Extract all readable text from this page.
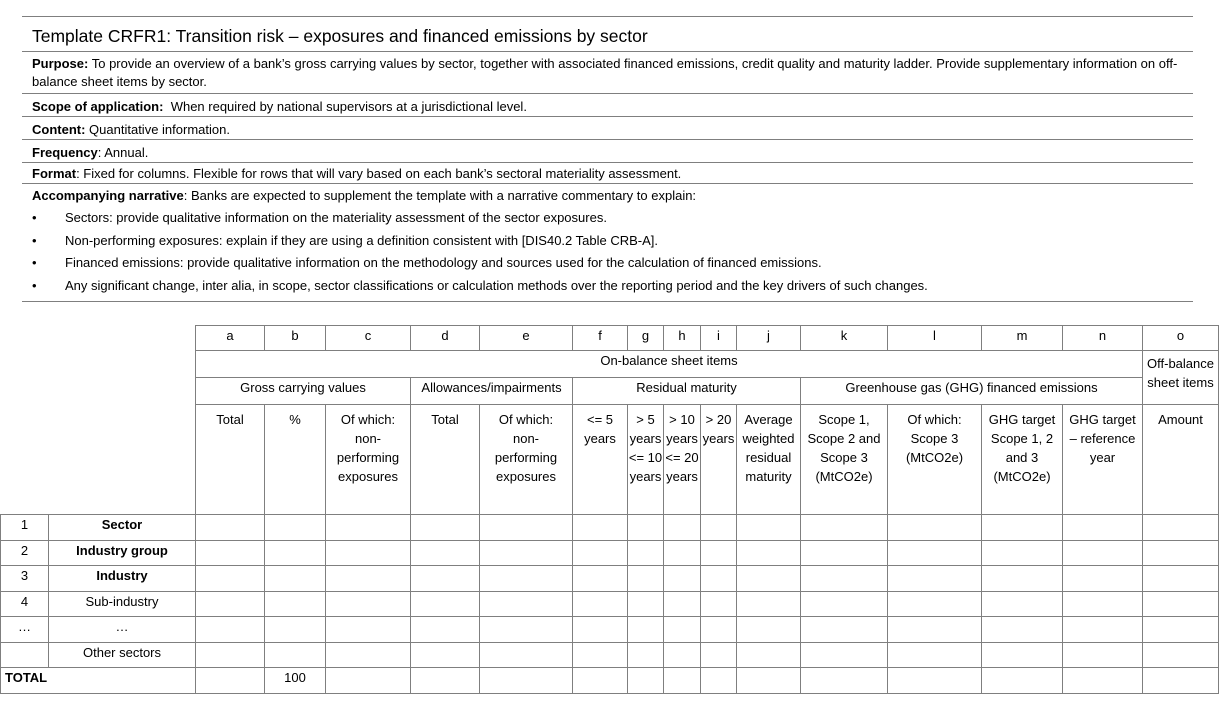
Template CRFR1: Transition risk – exposures and financed emissions by sector
Purpose: To provide an overview of a bank’s gross carrying values by sector, together with associated financed emissions, credit quality and maturity ladder. Provide supplementary information on off-balance sheet items by sector.
Scope of application:  When required by national supervisors at a jurisdictional level.
Content: Quantitative information.
Frequency: Annual.
Format: Fixed for columns. Flexible for rows that will vary based on each bank’s sectoral materiality assessment.
Accompanying narrative: Banks are expected to supplement the template with a narrative commentary to explain:
• Sectors: provide qualitative information on the materiality assessment of the sector exposures.
• Non-performing exposures: explain if they are using a definition consistent with [DIS40.2 Table CRB-A].
• Financed emissions: provide qualitative information on the methodology and sources used for the calculation of financed emissions.
• Any significant change, inter alia, in scope, sector classifications or calculation methods over the reporting period and the key drivers of such changes.
		a	b	c	d	e	f	g	h	i	j	k	l	m	n	o
		On-balance sheet items														Off-balance sheet items
		Gross carrying values			Allowances/impairments		Residual maturity					Greenhouse gas (GHG) financed emissions				
		Total	%	Of which: non-performing exposures	Total	Of which: non-performing exposures	<= 5 years	> 5 years <= 10 years	> 10 years <= 20 years	> 20 years	Average weighted residual maturity	Scope 1, Scope 2 and Scope 3 (MtCO2e)	Of which: Scope 3 (MtCO2e)	GHG target Scope 1, 2 and 3 (MtCO2e)	GHG target – reference year	Amount
1	Sector															
2	Industry group															
3	Industry															
4	Sub-industry															
…	…															
	Other sectors															
TOTAL			100													
